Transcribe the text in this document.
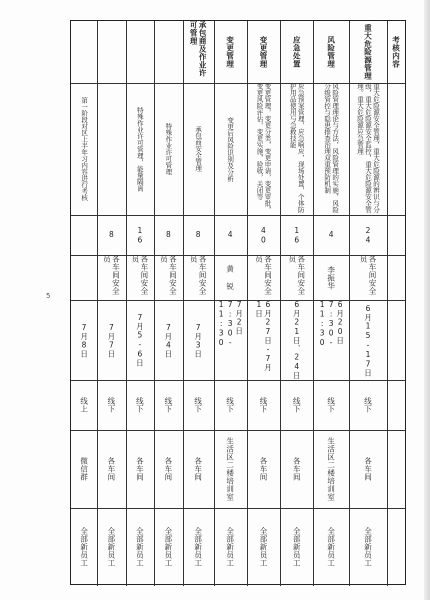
5
第一阶段对区上半年习内容进行考核
7月8日
线上
微信群
全部新员工
8
各车间安全员
7月7日
线下
各车间
全部新员工
特殊作业许可管理，能量隔离
16
各车间安全员
7月5-6日
线下
各车间
全部新员工
特殊作业许可管理
8
各车间安全员
7月4日
线下
各车间
全部新员工
承包商及作业许可管理
承包商安全管理
8
各车间安全员
7月3日
线下
各车间
全部新员工
变更管理
变更后风险识别及分析
4
黄 锐
7月2日 7:30-11:30
线下
生活区二楼培训室
全部新员工
变更管理
变更管理，变更分类，变更申请，变更审批，变更风险评估，变更实施，验收，关闭等
40
各车间安全员
6月27日-7月1日
线下
各车间
全部新员工
应急处置
应急预案管理，应急响应，现场处置，个体防护用品使用与急救技能
16
各车间安全员
6月21日、24日
线下
各车间
全部新员工
风险管理
风险管理理论与方法，风险管理的实施，风险分级管控与隐患排查治理双重预防机制
4
李振华
6月20日 7:30-11:30
线下
生活区二楼培训室
全部新员工
重大危险源管理
重大危险源安全管理，重大危险源的辨识与分级，重大危险源安全监控，重大危险源安全管理。重大危险源应急管理
24
各车间安全员
6月15-17日
线下
各车间
全部新员工
考核内容
